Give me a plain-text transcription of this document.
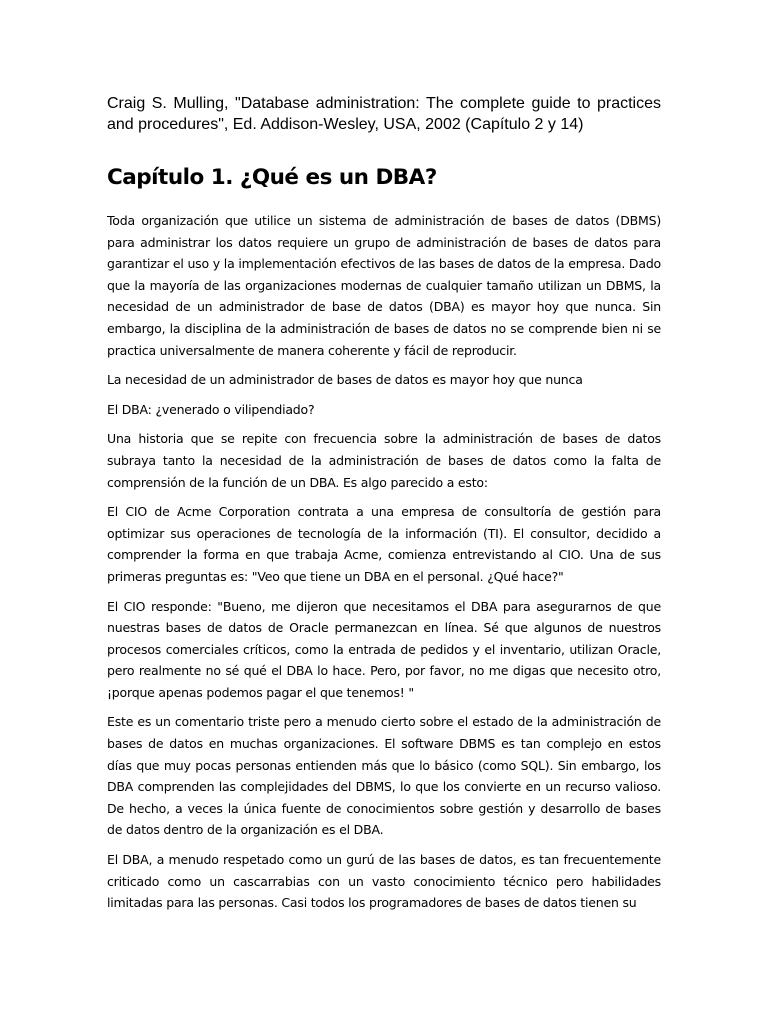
Craig S. Mulling, "Database administration: The complete guide to practices and procedures", Ed. Addison-Wesley, USA, 2002 (Capítulo 2 y 14)

Capítulo 1. ¿Qué es un DBA?

Toda organización que utilice un sistema de administración de bases de datos (DBMS) para administrar los datos requiere un grupo de administración de bases de datos para garantizar el uso y la implementación efectivos de las bases de datos de la empresa. Dado que la mayoría de las organizaciones modernas de cualquier tamaño utilizan un DBMS, la necesidad de un administrador de base de datos (DBA) es mayor hoy que nunca. Sin embargo, la disciplina de la administración de bases de datos no se comprende bien ni se practica universalmente de manera coherente y fácil de reproducir.

La necesidad de un administrador de bases de datos es mayor hoy que nunca

El DBA: ¿venerado o vilipendiado?

Una historia que se repite con frecuencia sobre la administración de bases de datos subraya tanto la necesidad de la administración de bases de datos como la falta de comprensión de la función de un DBA. Es algo parecido a esto:

El CIO de Acme Corporation contrata a una empresa de consultoría de gestión para optimizar sus operaciones de tecnología de la información (TI). El consultor, decidido a comprender la forma en que trabaja Acme, comienza entrevistando al CIO. Una de sus primeras preguntas es: "Veo que tiene un DBA en el personal. ¿Qué hace?"

El CIO responde: "Bueno, me dijeron que necesitamos el DBA para asegurarnos de que nuestras bases de datos de Oracle permanezcan en línea. Sé que algunos de nuestros procesos comerciales críticos, como la entrada de pedidos y el inventario, utilizan Oracle, pero realmente no sé qué el DBA lo hace. Pero, por favor, no me digas que necesito otro, ¡porque apenas podemos pagar el que tenemos! "

Este es un comentario triste pero a menudo cierto sobre el estado de la administración de bases de datos en muchas organizaciones. El software DBMS es tan complejo en estos días que muy pocas personas entienden más que lo básico (como SQL). Sin embargo, los DBA comprenden las complejidades del DBMS, lo que los convierte en un recurso valioso. De hecho, a veces la única fuente de conocimientos sobre gestión y desarrollo de bases de datos dentro de la organización es el DBA.

El DBA, a menudo respetado como un gurú de las bases de datos, es tan frecuentemente criticado como un cascarrabias con un vasto conocimiento técnico pero habilidades limitadas para las personas. Casi todos los programadores de bases de datos tienen su
